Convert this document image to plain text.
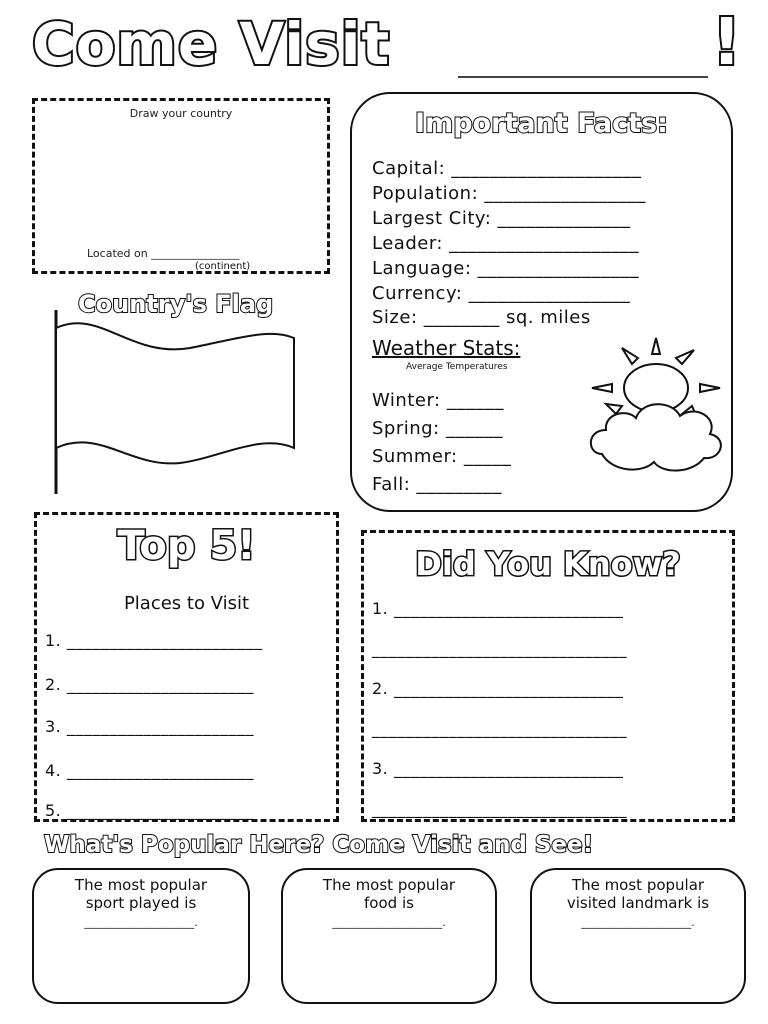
Come Visit	!
Draw your country
Located on ________________
(continent)
Country's Flag
Important Facts:
Capital: ____________________
Population: _________________
Largest City: ______________
Leader: ____________________
Language: _________________
Currency: _________________
Size: ________ sq. miles
Weather Stats:
Average Temperatures
Winter: ______
Spring: ______
Summer: _____
Fall: _________
Top 5!
Places to Visit
1. _______________________
2. ______________________
3. ______________________
4. ______________________
5. ______________________
Did You Know?
1. ___________________________
______________________________
2. ___________________________
______________________________
3. ___________________________
______________________________
What's Popular Here? Come Visit and See!
The most popular
sport played is
____________________.
The most popular
food is
____________________.
The most popular
visited landmark is
____________________.
